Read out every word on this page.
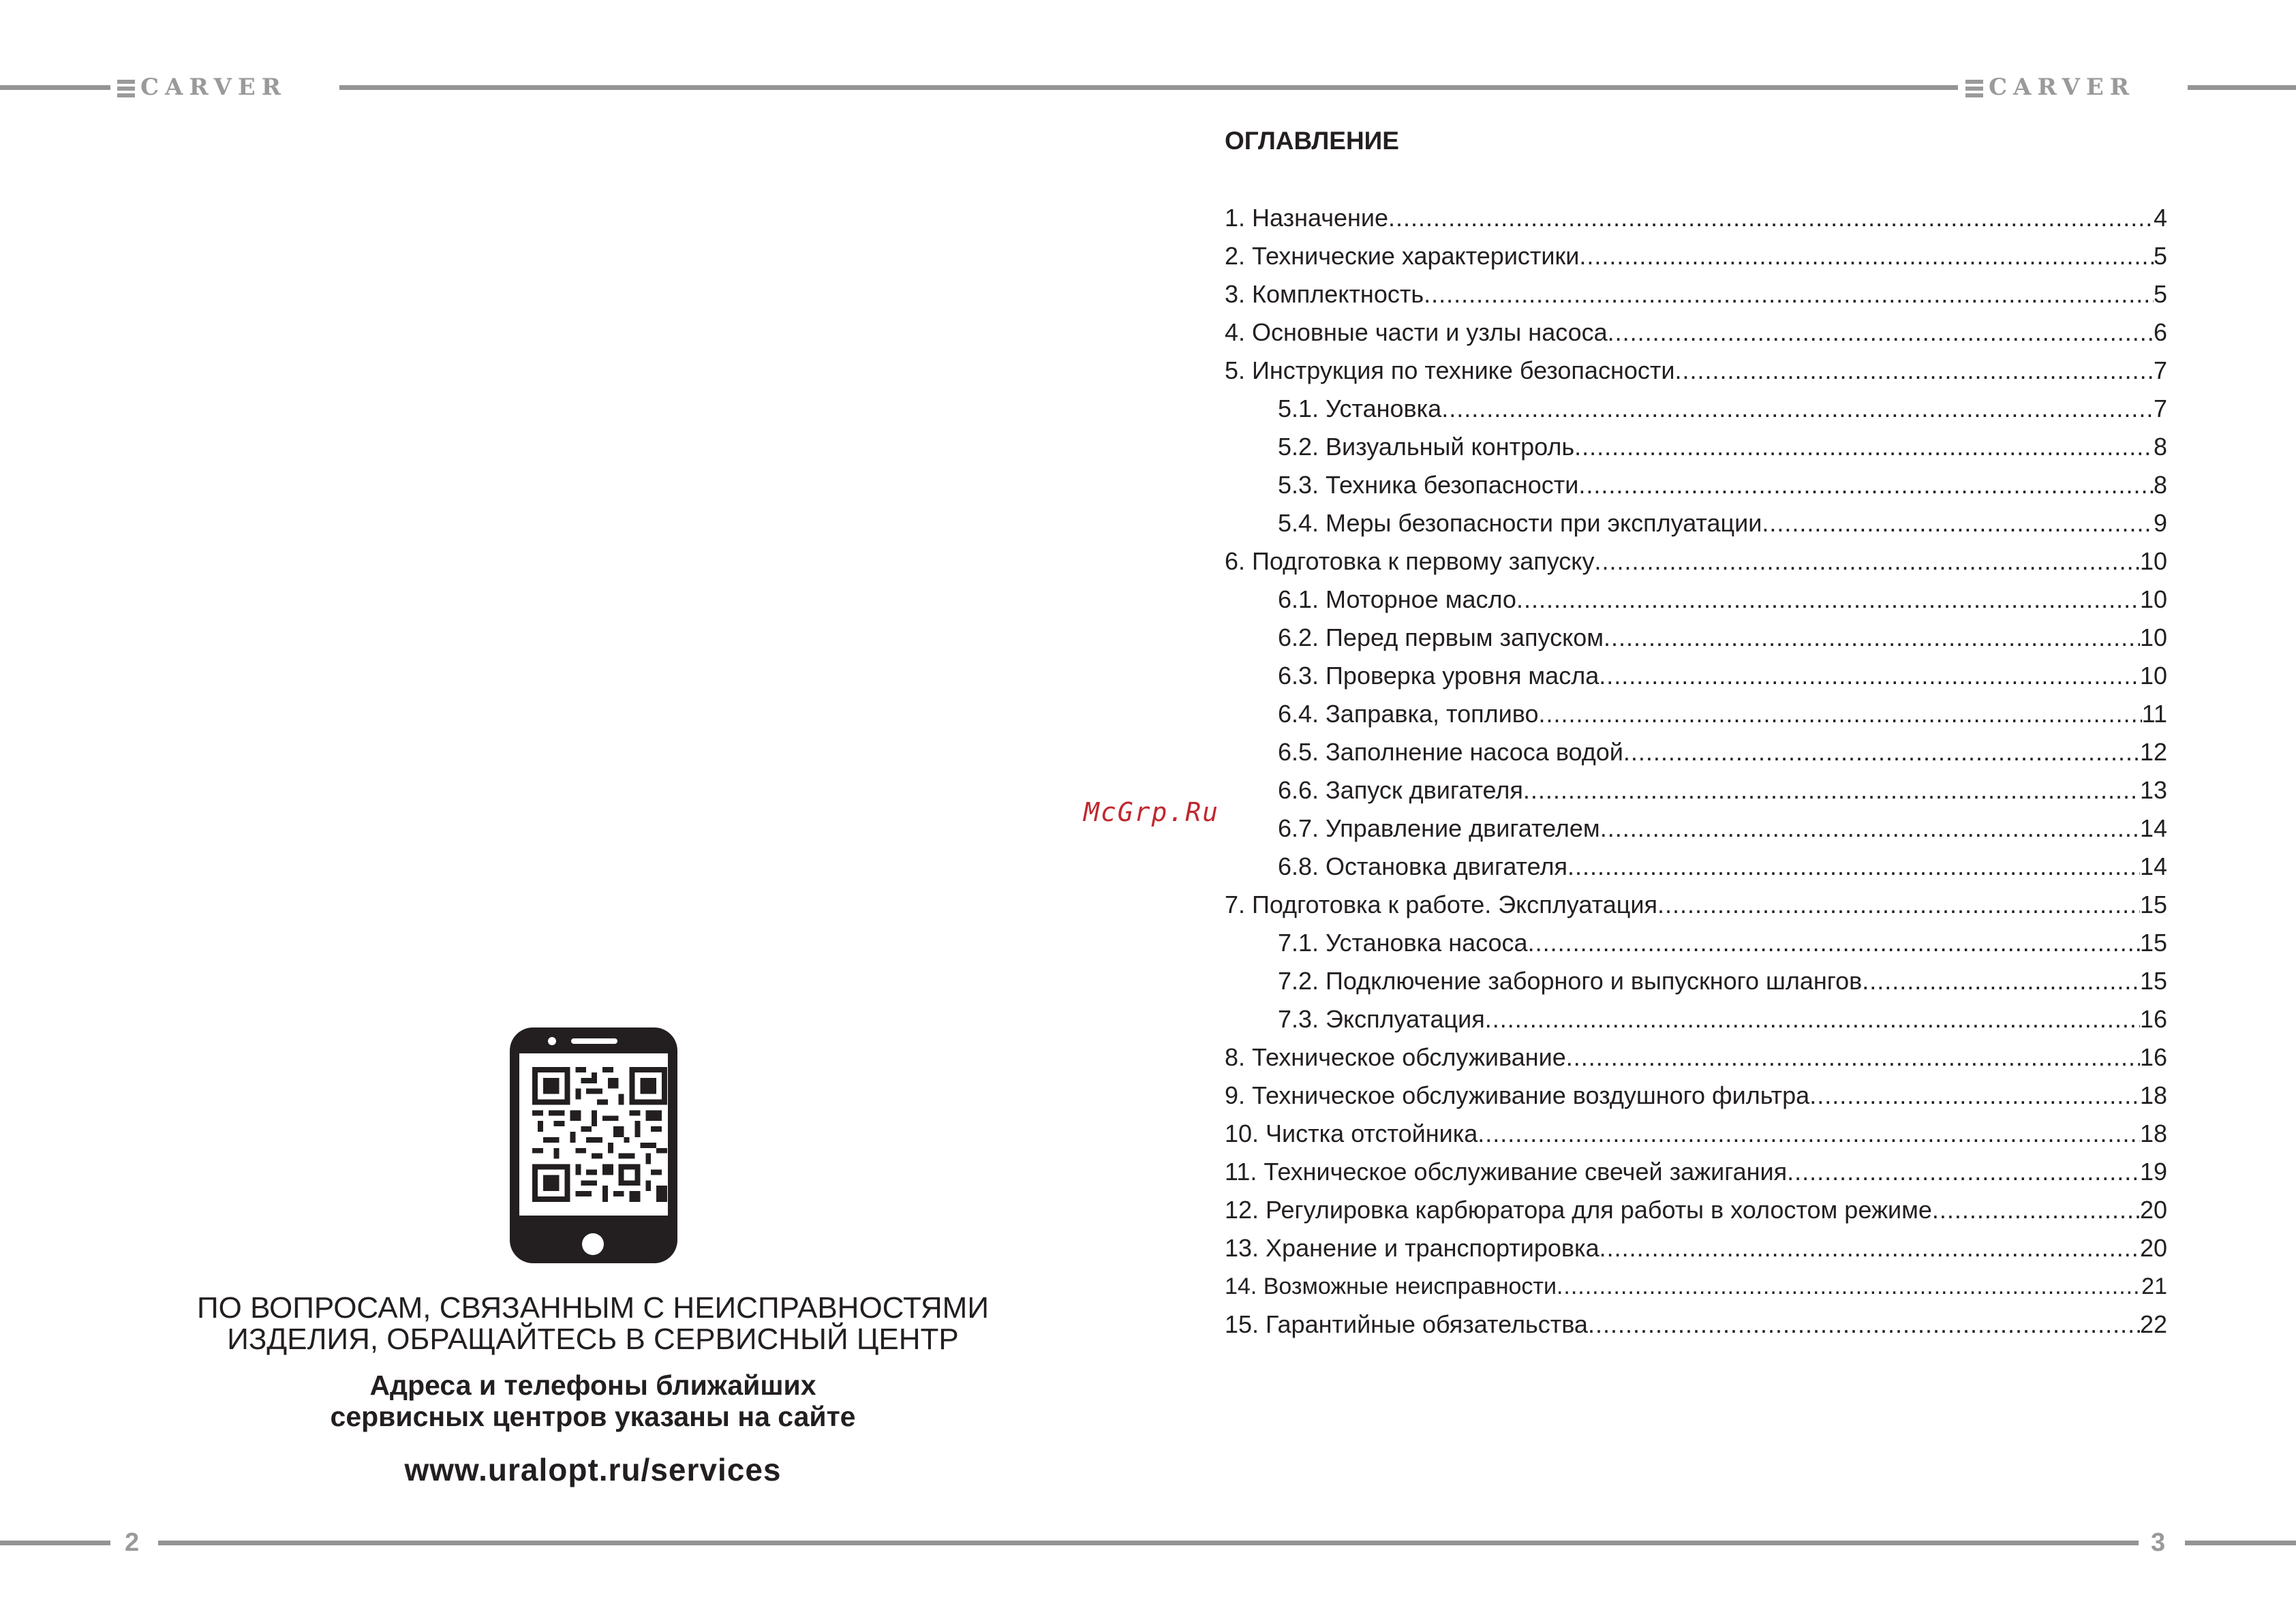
CARVER	CARVER
2	3
ПО ВОПРОСАМ, СВЯЗАННЫМ С НЕИСПРАВНОСТЯМИ
ИЗДЕЛИЯ, ОБРАЩАЙТЕСЬ В СЕРВИСНЫЙ ЦЕНТР
Адреса и телефоны ближайших
сервисных центров указаны на сайте
www.uralopt.ru/services
McGrp.Ru
ОГЛАВЛЕНИЕ
1. Назначение .....	4
2. Технические характеристики .....	5
3. Комплектность .....	5
4. Основные части и узлы насоса .....	6
5. Инструкция по технике безопасности .....	7
5.1. Установка .....	7
5.2. Визуальный контроль .....	8
5.3. Техника безопасности .....	8
5.4. Меры безопасности при эксплуатации .....	9
6. Подготовка к первому запуску .....	10
6.1. Моторное масло .....	10
6.2. Перед первым запуском .....	10
6.3. Проверка уровня масла .....	10
6.4. Заправка, топливо .....	11
6.5. Заполнение насоса водой .....	12
6.6. Запуск двигателя .....	13
6.7. Управление двигателем .....	14
6.8. Остановка двигателя .....	14
7. Подготовка к работе. Эксплуатация .....	15
7.1. Установка насоса .....	15
7.2. Подключение заборного и выпускного шлангов .....	15
7.3. Эксплуатация .....	16
8. Техническое обслуживание .....	16
9. Техническое обслуживание воздушного фильтра .....	18
10. Чистка отстойника .....	18
11. Техническое обслуживание свечей зажигания .....	19
12. Регулировка карбюратора для работы в холостом режиме .....	20
13. Хранение и транспортировка .....	20
14. Возможные неисправности .....	21
15. Гарантийные обязательства .....	22
